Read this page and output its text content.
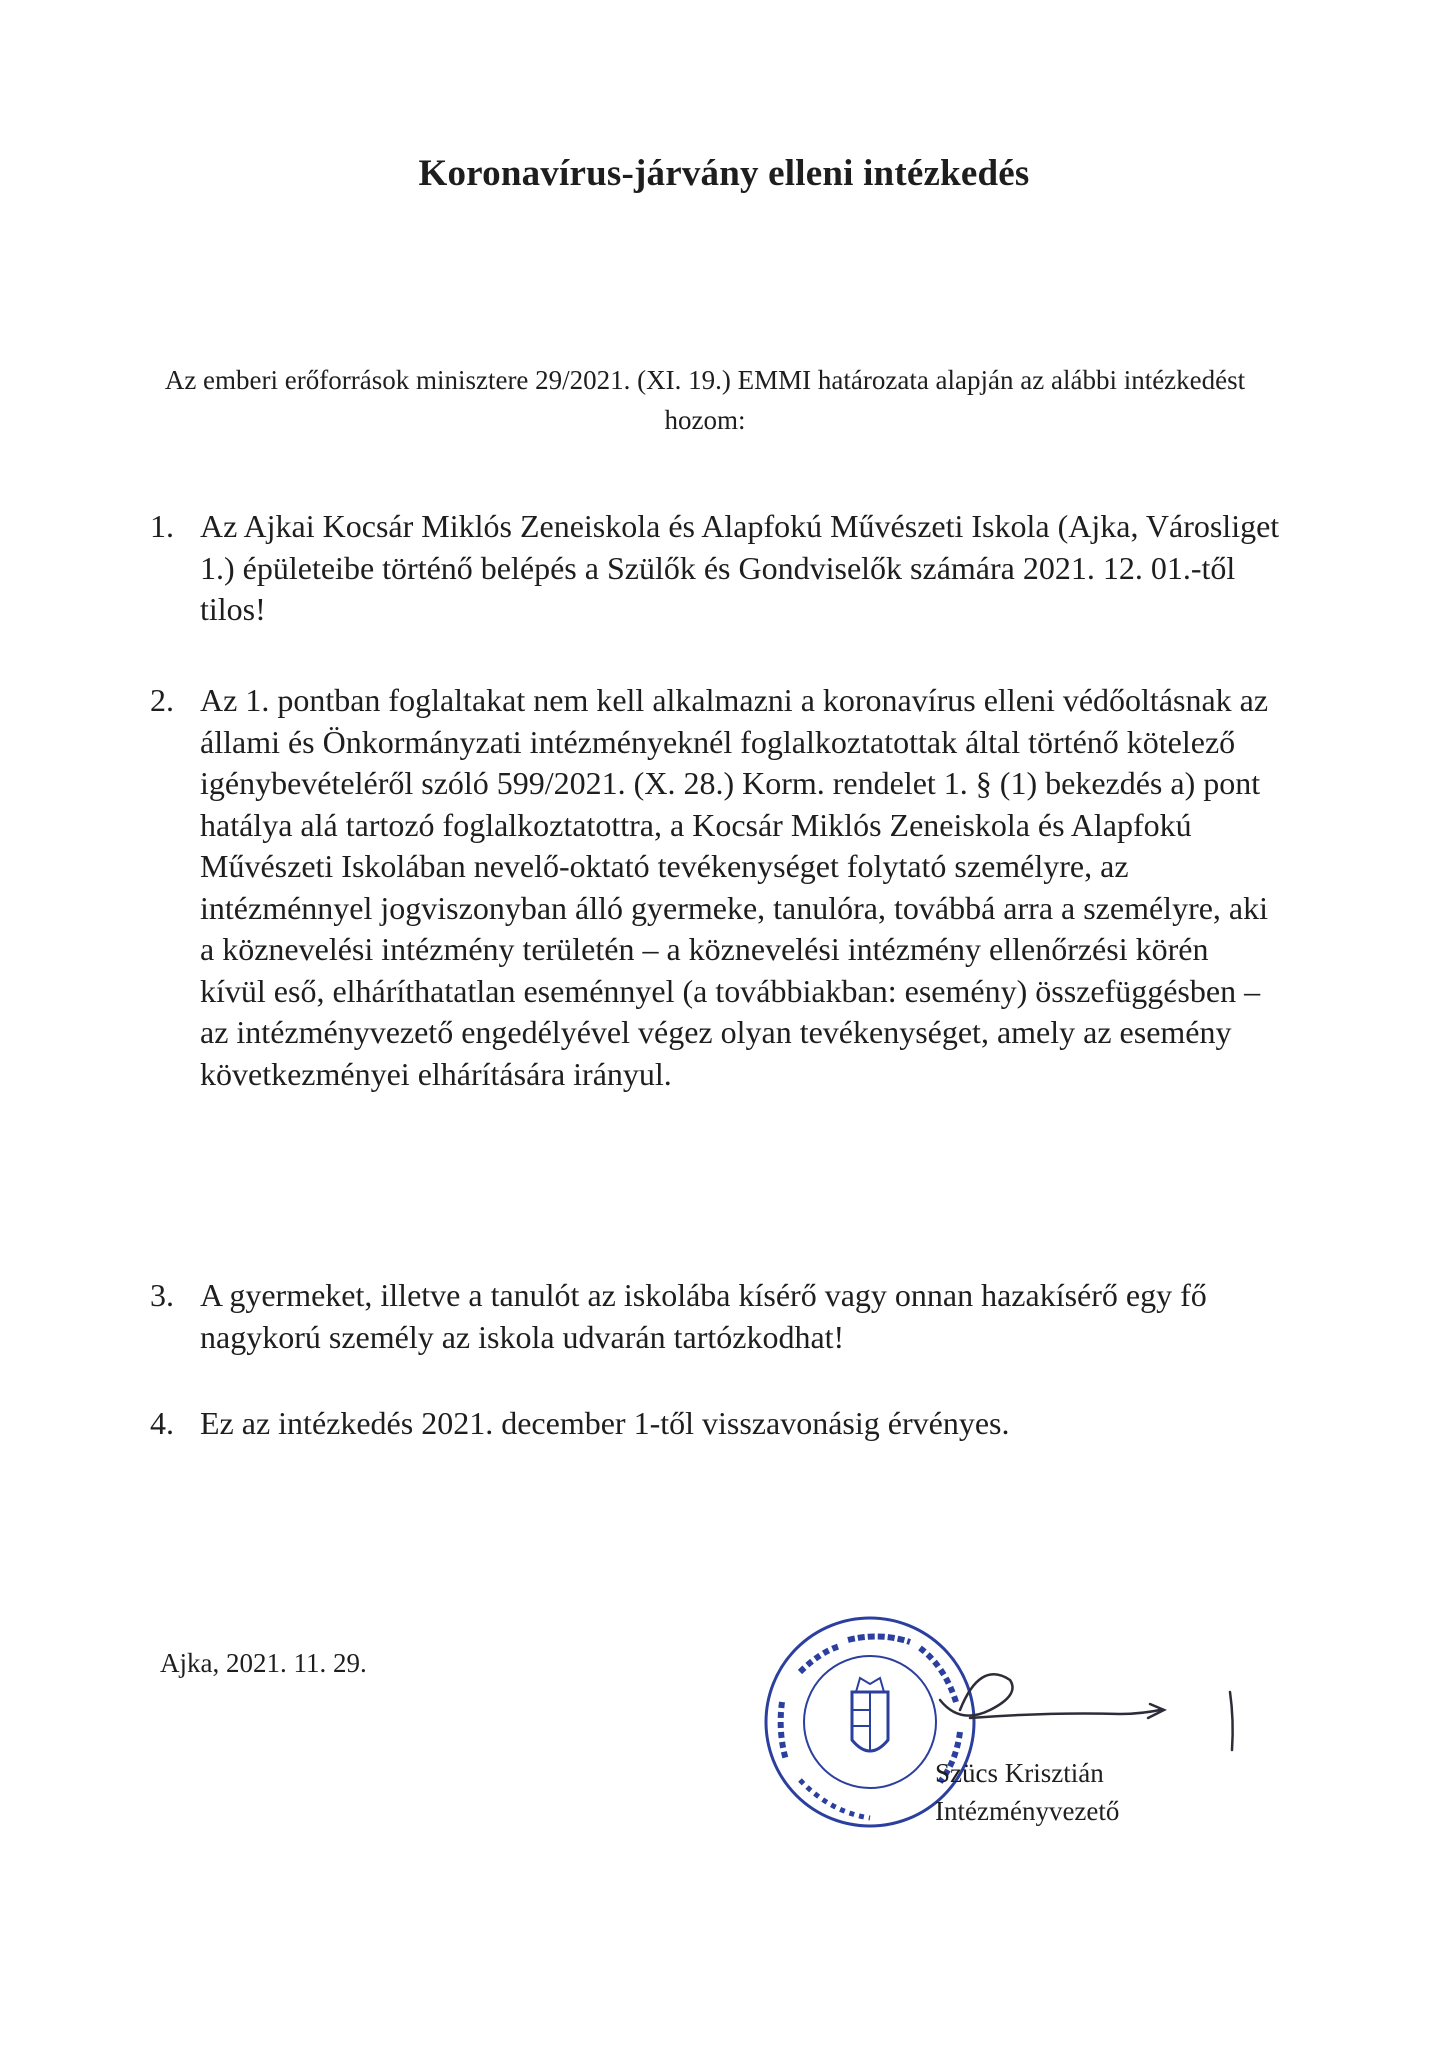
Koronavírus-járvány elleni intézkedés
Az emberi erőforrások minisztere 29/2021. (XI. 19.) EMMI határozata alapján az alábbi intézkedést hozom:
1. Az Ajkai Kocsár Miklós Zeneiskola és Alapfokú Művészeti Iskola (Ajka, Városliget 1.) épületeibe történő belépés a Szülők és Gondviselők számára 2021. 12. 01.-től tilos!
2. Az 1. pontban foglaltakat nem kell alkalmazni a koronavírus elleni védőoltásnak az állami és Önkormányzati intézményeknél foglalkoztatottak által történő kötelező igénybevételéről szóló 599/2021. (X. 28.) Korm. rendelet 1. § (1) bekezdés a) pont hatálya alá tartozó foglalkoztatottra, a Kocsár Miklós Zeneiskola és Alapfokú Művészeti Iskolában nevelő-oktató tevékenységet folytató személyre, az intézménnyel jogviszonyban álló gyermeke, tanulóra, továbbá arra a személyre, aki a köznevelési intézmény területén – a köznevelési intézmény ellenőrzési körén kívül eső, elháríthatatlan eseménnyel (a továbbiakban: esemény) összefüggésben – az intézményvezető engedélyével végez olyan tevékenységet, amely az esemény következményei elhárítására irányul.
3. A gyermeket, illetve a tanulót az iskolába kísérő vagy onnan hazakísérő egy fő nagykorú személy az iskola udvarán tartózkodhat!
4. Ez az intézkedés 2021. december 1-től visszavonásig érvényes.
Ajka, 2021. 11. 29.
Szücs Krisztián
Intézményvezető
